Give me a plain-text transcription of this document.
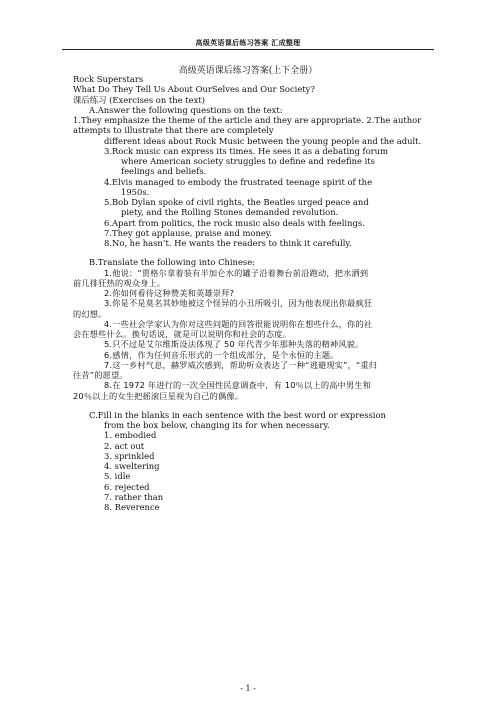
高级英语课后练习答案 汇成整理
高级英语课后练习答案(上下全册）
Rock Superstars
What Do They Tell Us About OurSelves and Our Society?
课后练习 (Exercises on the text)
A.Answer the following questions on the text:
1.They emphasize the theme of the article and they are appropriate. 2.The author
attempts to illustrate that there are completely
different ideas about Rock Music between the young people and the adult.
3.Rock music can express its times. He sees it as a debating forum
where American society struggles to define and redefine its
feelings and beliefs.
4.Elvis managed to embody the frustrated teenage spirit of the
1950s.
5.Bob Dylan spoke of civil rights, the Beatles urged peace and
piety, and the Rolling Stones demanded revolution.
6.Apart from politics, the rock music also deals with feelings.
7.They got applause, praise and money.
8.No, he hasn’t. He wants the readers to think it carefully.
B.Translate the following into Chinese:
1.他说：“贾格尔拿着装有半加仑水的罐子沿着舞台前沿跑动，把水洒到
前几排狂热的观众身上。
2.你如何看待这种赞美和英雄崇拜?
3.你是不是莫名其妙地被这个怪异的小丑所吸引，因为他表现出你最疯狂
的幻想。
4.一些社会学家认为你对这些问题的回答很能说明你在想些什么，你的社
会在想些什么。换句话说，就是可以说明你和社会的态度。
5.只不过是艾尔维斯设法体现了 50 年代青少年那种失落的精神风貌。
6.感情，作为任何音乐形式的一个组成部分，是个永恒的主题。
7.这一乡村气息，赫罗威次感到，帮助听众表达了一种“逃避现实”，“重归
往昔”的愿望。
8.在 1972 年进行的一次全国性民意调查中，有 10％以上的高中男生和
20％以上的女生把摇滚巨星视为自己的偶像。
C.Fill in the blanks in each sentence with the best word or expression
from the box below, changing its for when necessary.
1. embodied
2. act out
3. sprinkled
4. sweltering
5. idle
6. rejected
7. rather than
8. Reverence
- 1 -
